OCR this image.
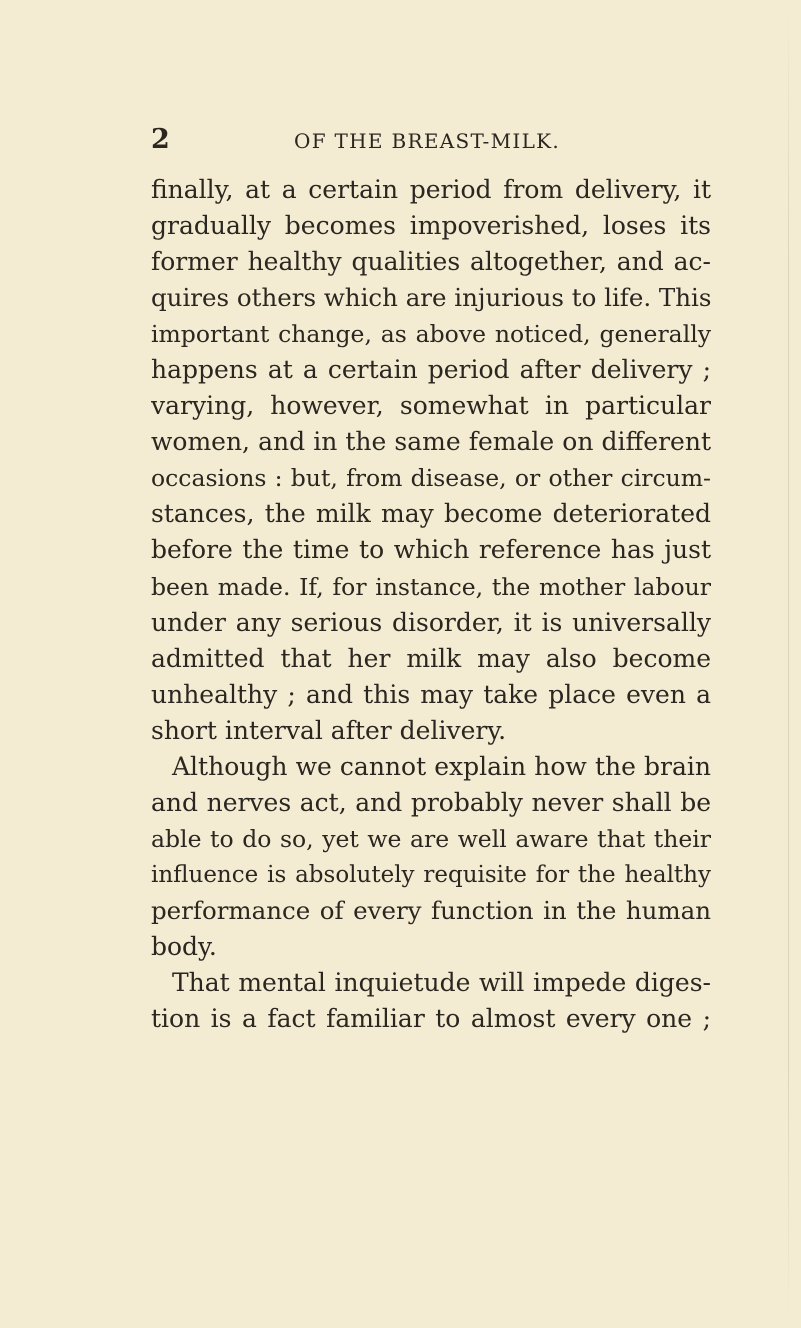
2	OF THE BREAST-MILK.
finally, at a certain period from delivery, it
gradually becomes impoverished, loses its
former healthy qualities altogether, and ac-
quires others which are injurious to life. This
important change, as above noticed, generally
happens at a certain period after delivery ;
varying, however, somewhat in particular
women, and in the same female on different
occasions : but, from disease, or other circum-
stances, the milk may become deteriorated
before the time to which reference has just
been made. If, for instance, the mother labour
under any serious disorder, it is universally
admitted that her milk may also become
unhealthy ; and this may take place even a
short interval after delivery.
Although we cannot explain how the brain
and nerves act, and probably never shall be
able to do so, yet we are well aware that their
influence is absolutely requisite for the healthy
performance of every function in the human
body.
That mental inquietude will impede diges-
tion is a fact familiar to almost every one ;
